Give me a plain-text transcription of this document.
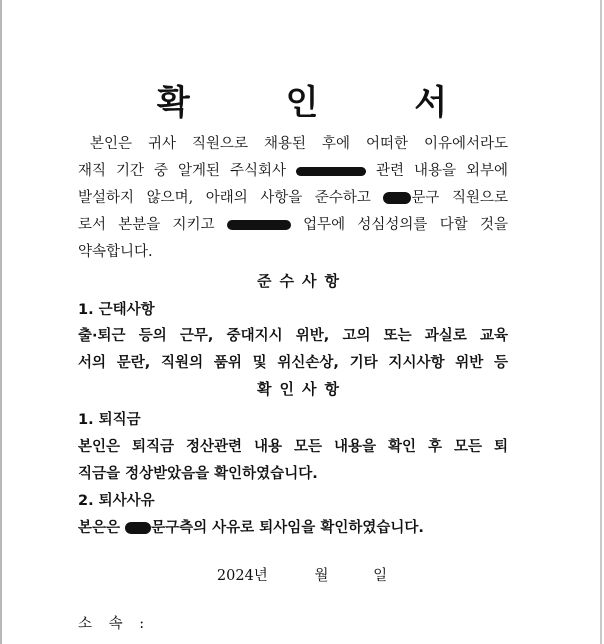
확 인 서
본인은 귀사 직원으로 채용된 후에 어떠한 이유에서라도
재직 기간 중 알게된 주식회사	관련 내용을 외부에
발설하지 않으며, 아래의 사항을 준수하고	문구 직원으로
로서 본분을 지키고	업무에 성심성의를 다할 것을
약속합니다.
준수사항
1. 근태사항
출·퇴근 등의 근무, 중대지시 위반, 고의 또는 과실로 교육
서의 문란, 직원의 품위 및 위신손상, 기타 지시사항 위반 등
확인사항
1. 퇴직금
본인은 퇴직금 정산관련 내용 모든 내용을 확인 후 모든 퇴
직금을 정상받았음을 확인하였습니다.
2. 퇴사사유
본은은 문구측의 사유로 퇴사임을 확인하였습니다.
2024년	월	일
소 속 :
